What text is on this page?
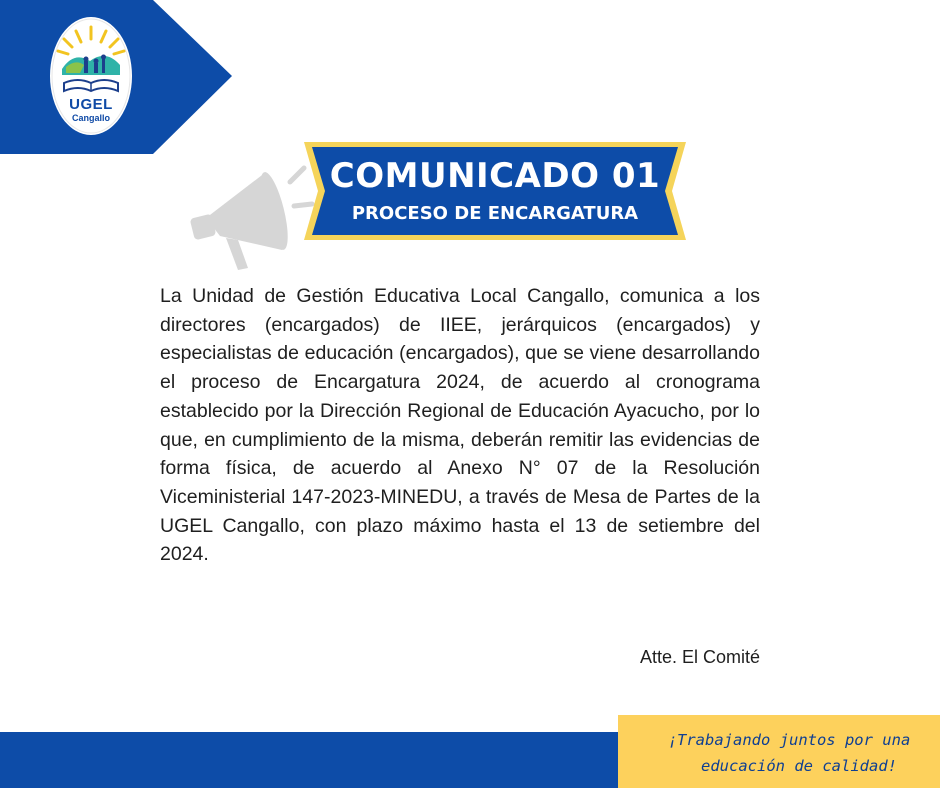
UGEL
Cangallo
COMUNICADO 01
PROCESO DE ENCARGATURA

La Unidad de Gestión Educativa Local Cangallo, comunica a los directores (encargados) de IIEE, jerárquicos (encargados) y especialistas de educación (encargados), que se viene desarrollando el proceso de Encargatura 2024, de acuerdo al cronograma establecido por la Dirección Regional de Educación Ayacucho, por lo que, en cumplimiento de la misma, deberán remitir las evidencias de forma física, de acuerdo al Anexo N° 07 de la Resolución Viceministerial 147-2023-MINEDU, a través de Mesa de Partes de la UGEL Cangallo, con plazo máximo hasta el 13 de setiembre del 2024.

Atte. El Comité
¡Trabajando juntos por una
educación de calidad!
